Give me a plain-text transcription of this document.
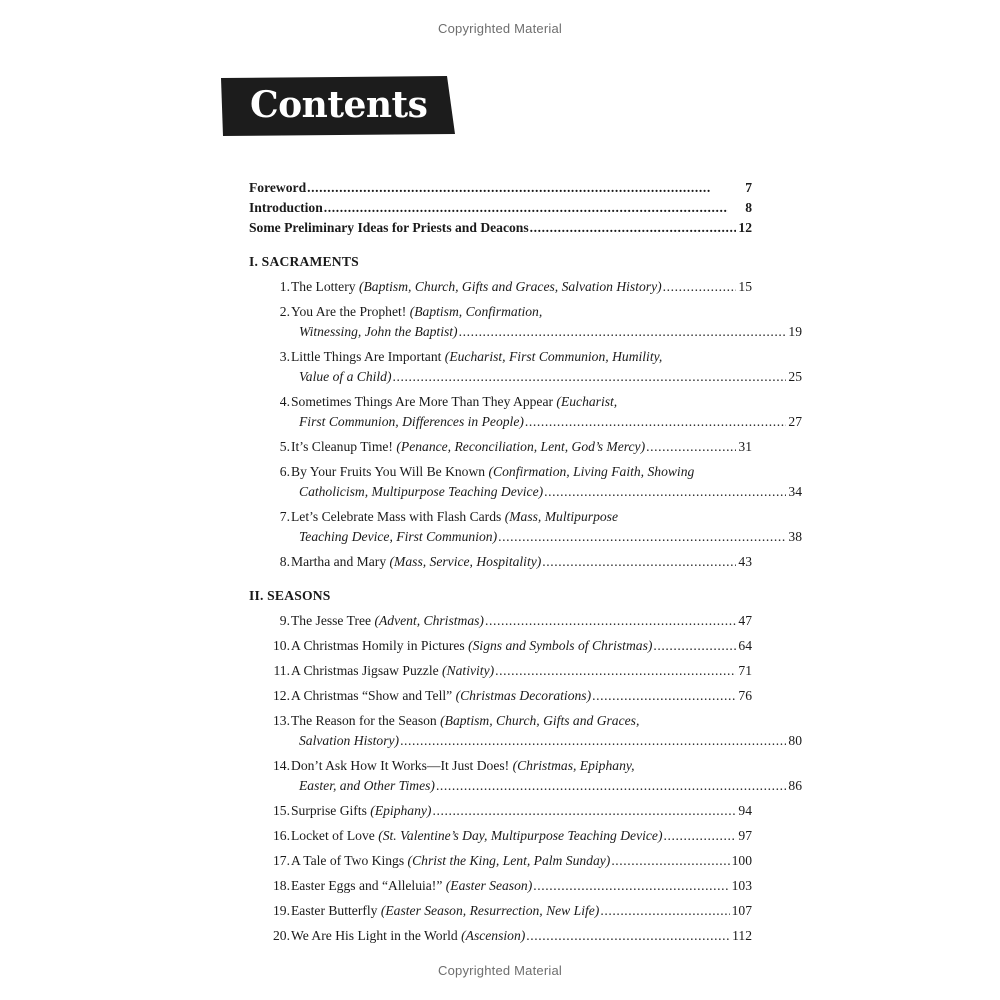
Copyrighted Material
Contents
Foreword . . .	7
Introduction . . .	8
Some Preliminary Ideas for Priests and Deacons . . .	12
I. SACRAMENTS
1. The Lottery (Baptism, Church, Gifts and Graces, Salvation History) . . .	15
2. You Are the Prophet! (Baptism, Confirmation,
Witnessing, John the Baptist) . . .	19
3. Little Things Are Important (Eucharist, First Communion, Humility,
Value of a Child) . . .	25
4. Sometimes Things Are More Than They Appear (Eucharist,
First Communion, Differences in People) . . .	27
5. It’s Cleanup Time! (Penance, Reconciliation, Lent, God’s Mercy) . . .	31
6. By Your Fruits You Will Be Known (Confirmation, Living Faith, Showing
Catholicism, Multipurpose Teaching Device) . . .	34
7. Let’s Celebrate Mass with Flash Cards (Mass, Multipurpose
Teaching Device, First Communion) . . .	38
8. Martha and Mary (Mass, Service, Hospitality) . . .	43
II. SEASONS
9. The Jesse Tree (Advent, Christmas) . . .	47
10. A Christmas Homily in Pictures (Signs and Symbols of Christmas) . . .	64
11. A Christmas Jigsaw Puzzle (Nativity) . . .	71
12. A Christmas “Show and Tell” (Christmas Decorations) . . .	76
13. The Reason for the Season (Baptism, Church, Gifts and Graces,
Salvation History) . . .	80
14. Don’t Ask How It Works—It Just Does! (Christmas, Epiphany,
Easter, and Other Times) . . .	86
15. Surprise Gifts (Epiphany) . . .	94
16. Locket of Love (St. Valentine’s Day, Multipurpose Teaching Device) . . .	97
17. A Tale of Two Kings (Christ the King, Lent, Palm Sunday) . . .	100
18. Easter Eggs and “Alleluia!” (Easter Season) . . .	103
19. Easter Butterfly (Easter Season, Resurrection, New Life) . . .	107
20. We Are His Light in the World (Ascension) . . .	112
Copyrighted Material
